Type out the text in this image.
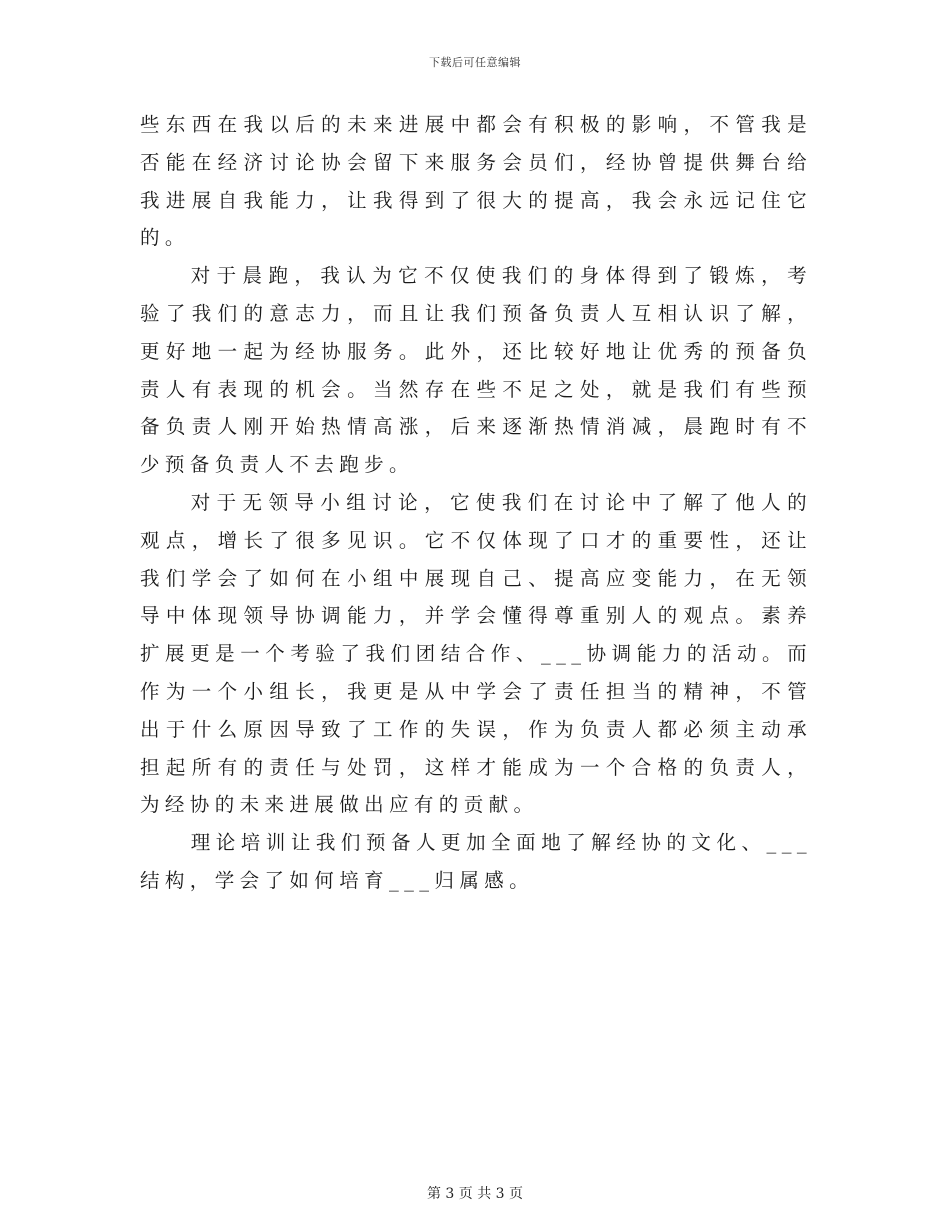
下载后可任意编辑

些东西在我以后的未来进展中都会有积极的影响，不管我是否能在经济讨论协会留下来服务会员们，经协曾提供舞台给我进展自我能力，让我得到了很大的提高，我会永远记住它的。

对于晨跑，我认为它不仅使我们的身体得到了锻炼，考验了我们的意志力，而且让我们预备负责人互相认识了解，更好地一起为经协服务。此外，还比较好地让优秀的预备负责人有表现的机会。当然存在些不足之处，就是我们有些预备负责人刚开始热情高涨，后来逐渐热情消减，晨跑时有不少预备负责人不去跑步。

对于无领导小组讨论，它使我们在讨论中了解了他人的观点，增长了很多见识。它不仅体现了口才的重要性，还让我们学会了如何在小组中展现自己、提高应变能力，在无领导中体现领导协调能力，并学会懂得尊重别人的观点。素养扩展更是一个考验了我们团结合作、___协调能力的活动。而作为一个小组长，我更是从中学会了责任担当的精神，不管出于什么原因导致了工作的失误，作为负责人都必须主动承担起所有的责任与处罚，这样才能成为一个合格的负责人，为经协的未来进展做出应有的贡献。

理论培训让我们预备人更加全面地了解经协的文化、___结构，学会了如何培育___归属感。

第 3 页 共 3 页
